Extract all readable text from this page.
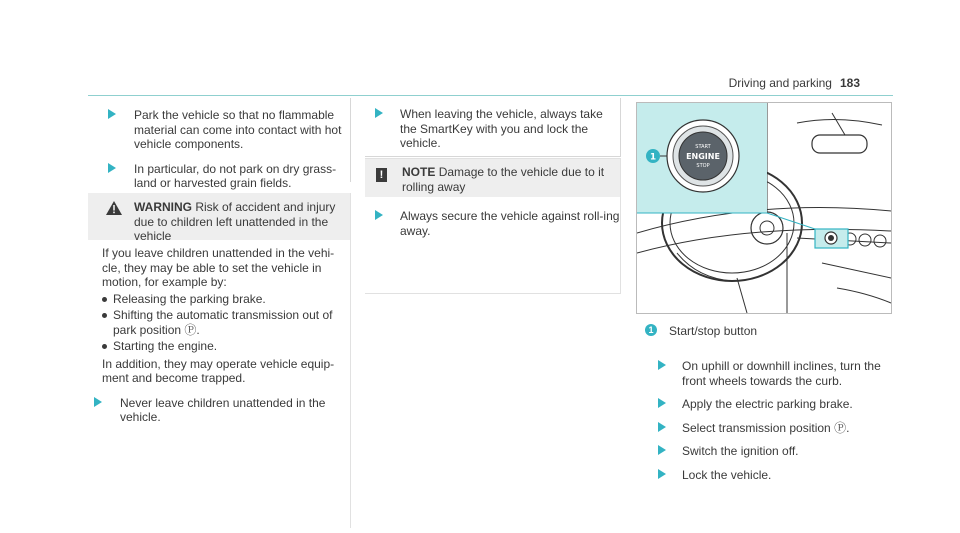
Driving and parking 183
Park the vehicle so that no flammable material can come into contact with hot vehicle components.
In particular, do not park on dry grass-land or harvested grain fields.
WARNING Risk of accident and injury due to children left unattended in the vehicle
If you leave children unattended in the vehi-cle, they may be able to set the vehicle in motion, for example by:
Releasing the parking brake.
Shifting the automatic transmission out of park position Ⓟ.
Starting the engine.
In addition, they may operate vehicle equip-ment and become trapped.
Never leave children unattended in the vehicle.
When leaving the vehicle, always take the SmartKey with you and lock the vehicle.
!	NOTE Damage to the vehicle due to it rolling away
Always secure the vehicle against roll-ing away.
START
ENGINE
STOP
1
1	Start/stop button
On uphill or downhill inclines, turn the front wheels towards the curb.
Apply the electric parking brake.
Select transmission position Ⓟ.
Switch the ignition off.
Lock the vehicle.
